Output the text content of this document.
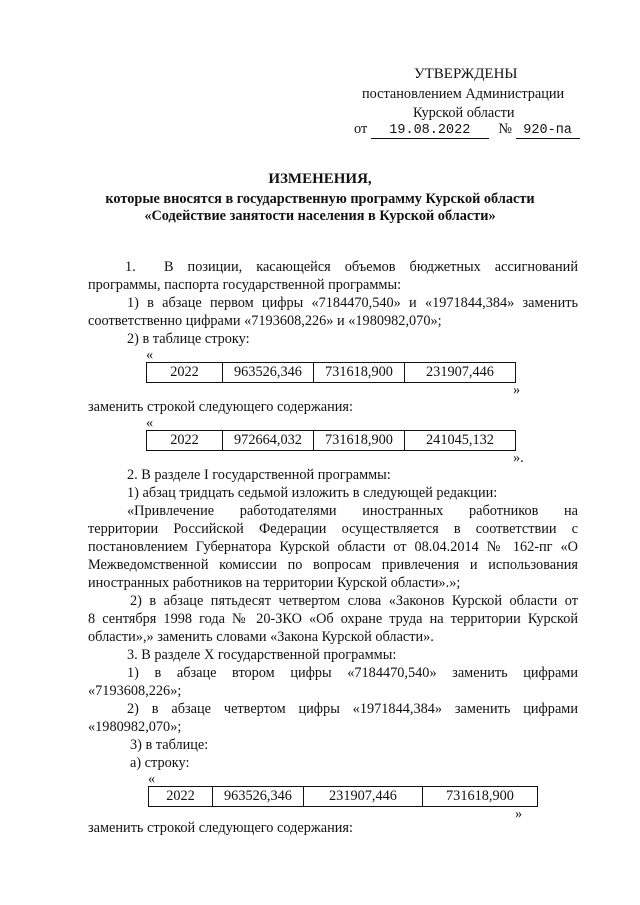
УТВЕРЖДЕНЫ
постановлением Администрации
Курской области
от 19.08.2022 № 920-па
ИЗМЕНЕНИЯ,
которые вносятся в государственную программу Курской области
«Содействие занятости населения в Курской области»
1. В позиции, касающейся объемов бюджетных ассигнований
программы, паспорта государственной программы:
1) в абзаце первом цифры «7184470,540» и «1971844,384» заменить
соответственно цифрами «7193608,226» и «1980982,070»;
2) в таблице строку:
«
2022	963526,346	731618,900	231907,446
»
заменить строкой следующего содержания:
«
2022	972664,032	731618,900	241045,132
».
2. В разделе I государственной программы:
1) абзац тридцать седьмой изложить в следующей редакции:
«Привлечение работодателями иностранных работников на
территории Российской Федерации осуществляется в соответствии с
постановлением Губернатора Курской области от 08.04.2014 № 162-пг «О
Межведомственной комиссии по вопросам привлечения и использования
иностранных работников на территории Курской области».»;
2) в абзаце пятьдесят четвертом слова «Законов Курской области от
8 сентября 1998 года № 20-ЗКО «Об охране труда на территории Курской
области»,» заменить словами «Закона Курской области».
3. В разделе X государственной программы:
1) в абзаце втором цифры «7184470,540» заменить цифрами
«7193608,226»;
2) в абзаце четвертом цифры «1971844,384» заменить цифрами
«1980982,070»;
3) в таблице:
а) строку:
«
2022	963526,346	231907,446	731618,900
»
заменить строкой следующего содержания:
